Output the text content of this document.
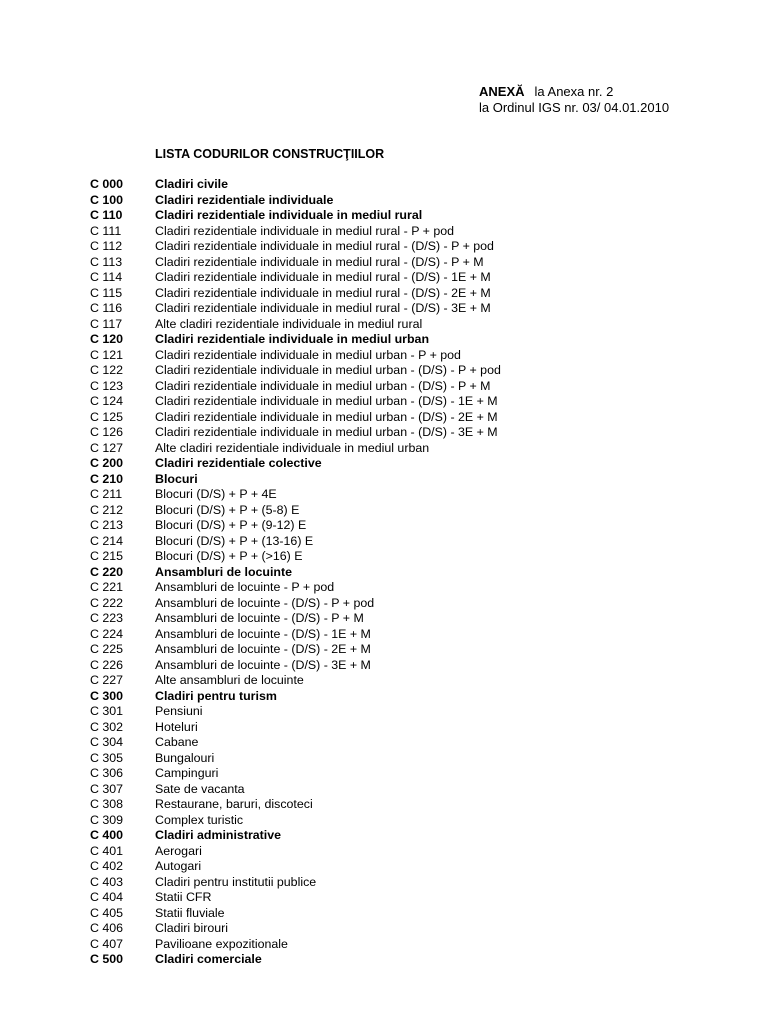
ANEXĂ la Anexa nr. 2
la Ordinul IGS nr. 03/ 04.01.2010
LISTA CODURILOR CONSTRUCŢIILOR
C 000	Cladiri civile
C 100	Cladiri rezidentiale individuale
C 110	Cladiri rezidentiale individuale in mediul rural
C 111	Cladiri rezidentiale individuale in mediul rural - P + pod
C 112	Cladiri rezidentiale individuale in mediul rural - (D/S) - P + pod
C 113	Cladiri rezidentiale individuale in mediul rural - (D/S) - P + M
C 114	Cladiri rezidentiale individuale in mediul rural - (D/S) - 1E + M
C 115	Cladiri rezidentiale individuale in mediul rural - (D/S) - 2E + M
C 116	Cladiri rezidentiale individuale in mediul rural - (D/S) - 3E + M
C 117	Alte cladiri rezidentiale individuale in mediul rural
C 120	Cladiri rezidentiale individuale in mediul urban
C 121	Cladiri rezidentiale individuale in mediul urban - P + pod
C 122	Cladiri rezidentiale individuale in mediul urban - (D/S) - P + pod
C 123	Cladiri rezidentiale individuale in mediul urban - (D/S) - P + M
C 124	Cladiri rezidentiale individuale in mediul urban - (D/S) - 1E + M
C 125	Cladiri rezidentiale individuale in mediul urban - (D/S) - 2E + M
C 126	Cladiri rezidentiale individuale in mediul urban - (D/S) - 3E + M
C 127	Alte cladiri rezidentiale individuale in mediul urban
C 200	Cladiri rezidentiale colective
C 210	Blocuri
C 211	Blocuri (D/S) + P + 4E
C 212	Blocuri (D/S) + P + (5-8) E
C 213	Blocuri (D/S) + P + (9-12) E
C 214	Blocuri (D/S) + P + (13-16) E
C 215	Blocuri (D/S) + P + (>16) E
C 220	Ansambluri de locuinte
C 221	Ansambluri de locuinte - P + pod
C 222	Ansambluri de locuinte - (D/S) - P + pod
C 223	Ansambluri de locuinte - (D/S) - P + M
C 224	Ansambluri de locuinte - (D/S) - 1E + M
C 225	Ansambluri de locuinte - (D/S) - 2E + M
C 226	Ansambluri de locuinte - (D/S) - 3E + M
C 227	Alte ansambluri de locuinte
C 300	Cladiri pentru turism
C 301	Pensiuni
C 302	Hoteluri
C 304	Cabane
C 305	Bungalouri
C 306	Campinguri
C 307	Sate de vacanta
C 308	Restaurane, baruri, discoteci
C 309	Complex turistic
C 400	Cladiri administrative
C 401	Aerogari
C 402	Autogari
C 403	Cladiri pentru institutii publice
C 404	Statii CFR
C 405	Statii fluviale
C 406	Cladiri birouri
C 407	Pavilioane expozitionale
C 500	Cladiri comerciale
